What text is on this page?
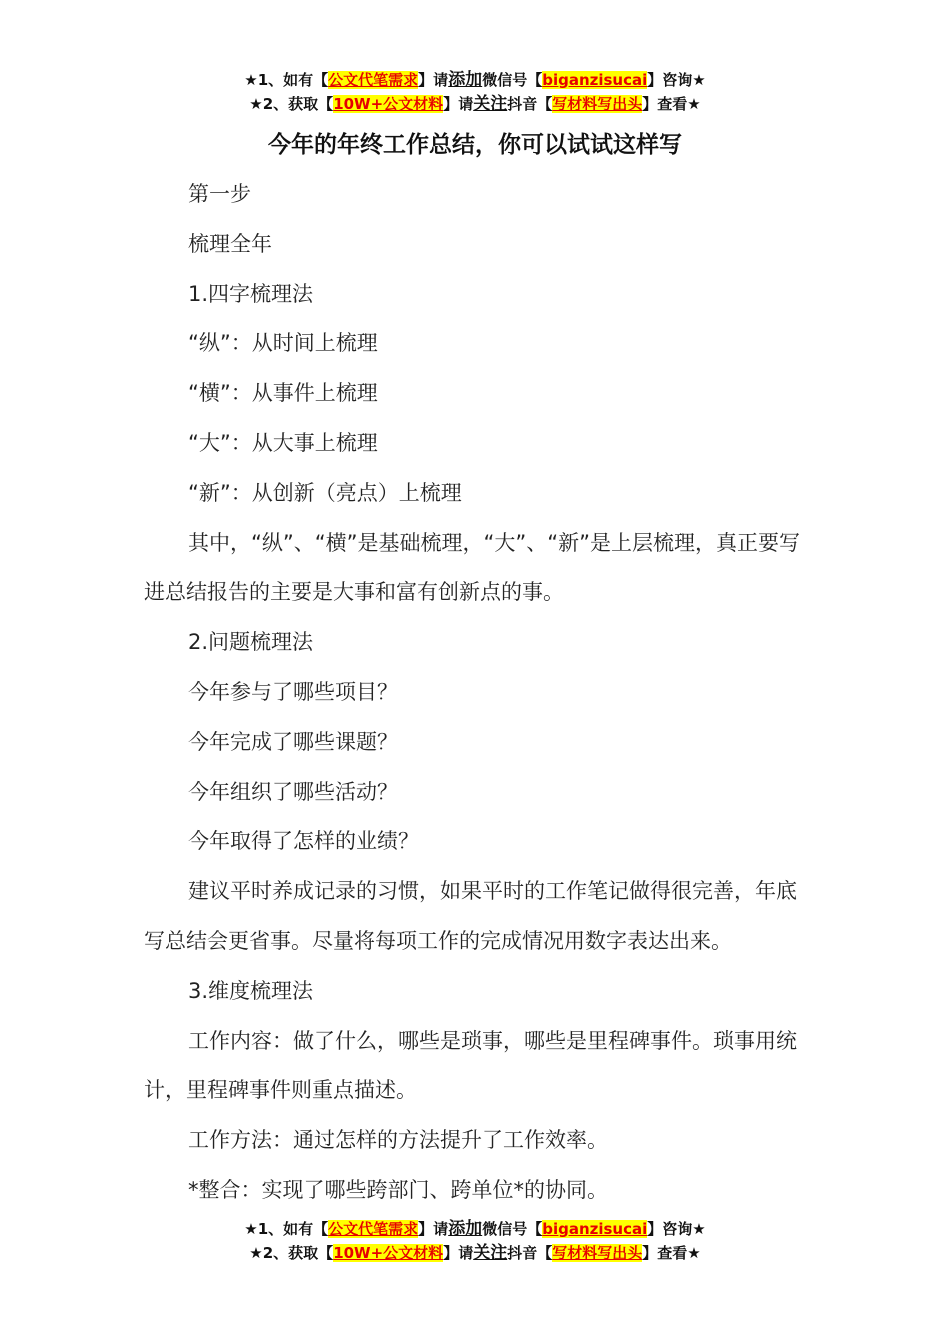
★1、如有【公文代笔需求】请添加微信号【biganzisucai】咨询★
★2、获取【10W+公文材料】请关注抖音【写材料写出头】查看★
今年的年终工作总结，你可以试试这样写

第一步

梳理全年

1.四字梳理法

“纵”：从时间上梳理

“横”：从事件上梳理

“大”：从大事上梳理

“新”：从创新（亮点）上梳理

其中，“纵”、“横”是基础梳理，“大”、“新”是上层梳理，真正要写进总结报告的主要是大事和富有创新点的事。

2.问题梳理法

今年参与了哪些项目？

今年完成了哪些课题？

今年组织了哪些活动？

今年取得了怎样的业绩？

建议平时养成记录的习惯，如果平时的工作笔记做得很完善，年底写总结会更省事。尽量将每项工作的完成情况用数字表达出来。

3.维度梳理法

工作内容：做了什么，哪些是琐事，哪些是里程碑事件。琐事用统计，里程碑事件则重点描述。

工作方法：通过怎样的方法提升了工作效率。

*整合：实现了哪些跨部门、跨单位*的协同。

★1、如有【公文代笔需求】请添加微信号【biganzisucai】咨询★
★2、获取【10W+公文材料】请关注抖音【写材料写出头】查看★
